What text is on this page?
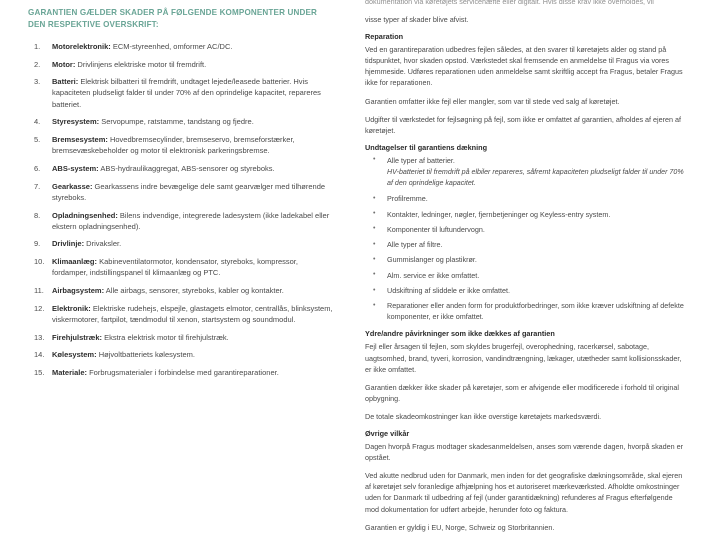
GARANTIEN GÆLDER SKADER PÅ FØLGENDE KOMPONENTER UNDER DEN RESPEKTIVE OVERSKRIFT:
Motorelektronik: ECM-styreenhed, omformer AC/DC.
Motor: Drivlinjens elektriske motor til fremdrift.
Batteri: Elektrisk bilbatteri til fremdrift, undtaget lejede/leasede batterier. Hvis kapaciteten pludseligt falder til under 70% af den oprindelige kapacitet, repareres batteriet.
Styresystem: Servopumpe, ratstamme, tandstang og fjedre.
Bremsesystem: Hovedbremsecylinder, bremseservo, bremseforstærker, bremsevæskebeholder og motor til elektronisk parkeringsbremse.
ABS-system: ABS-hydraulikaggregat, ABS-sensorer og styreboks.
Gearkasse: Gearkassens indre bevægelige dele samt gearvælger med tilhørende styreboks.
Opladningsenhed: Bilens indvendige, integrerede ladesystem (ikke ladekabel eller ekstern opladningsenhed).
Drivlinje: Drivaksler.
Klimaanlæg: Kabineventilatormotor, kondensator, styreboks, kompressor, fordamper, indstillingspanel til klimaanlæg og PTC.
Airbagsystem: Alle airbags, sensorer, styreboks, kabler og kontakter.
Elektronik: Elektriske rudehejs, elspejle, glastagets elmotor, centrallås, blinksystem, viskermotorer, fartpilot, tændmodul til xenon, startsystem og soundmodul.
Firehjulstræk: Ekstra elektrisk motor til firehjulstræk.
Kølesystem: Højvoltbatteriets kølesystem.
Materiale: Forbrugsmaterialer i forbindelse med garantireparationer.
dokumentation via køretøjets servicehæfte eller digitalt. Hvis disse krav ikke overholdes, vil
visse typer af skader blive afvist.
Reparation
Ved en garantireparation udbedres fejlen således, at den svarer til køretøjets alder og stand på tidspunktet, hvor skaden opstod. Værkstedet skal fremsende en anmeldelse til Fragus via vores hjemmeside. Udføres reparationen uden anmeldelse samt skriftlig accept fra Fragus, betaler Fragus ikke for reparationen.
Garantien omfatter ikke fejl eller mangler, som var til stede ved salg af køretøjet.
Udgifter til værkstedet for fejlsøgning på fejl, som ikke er omfattet af garantien, afholdes af ejeren af køretøjet.
Undtagelser til garantiens dækning
• Alle typer af batterier.
HV-batteriet til fremdrift på elbiler repareres, såfremt kapaciteten pludseligt falder til under 70% af den oprindelige kapacitet.
• Profilremme.
• Kontakter, ledninger, nøgler, fjernbetjeninger og Keyless-entry system.
• Komponenter til luftundervogn.
• Alle typer af filtre.
• Gummislanger og plastikrør.
• Alm. service er ikke omfattet.
• Udskiftning af sliddele er ikke omfattet.
• Reparationer eller anden form for produktforbedringer, som ikke kræver udskiftning af defekte komponenter, er ikke omfattet.
Ydre/andre påvirkninger som ikke dækkes af garantien
Fejl eller årsagen til fejlen, som skyldes brugerfejl, overophedning, racerkørsel, sabotage, uagtsomhed, brand, tyveri, korrosion, vandindtrængning, lækager, utætheder samt kollisionsskader, er ikke omfattet.
Garantien dækker ikke skader på køretøjer, som er afvigende eller modificerede i forhold til original opbygning.
De totale skadeomkostninger kan ikke overstige køretøjets markedsværdi.
Øvrige vilkår
Dagen hvorpå Fragus modtager skadesanmeldelsen, anses som værende dagen, hvorpå skaden er opstået.
Ved akutte nedbrud uden for Danmark, men inden for det geografiske dækningsområde, skal ejeren af køretøjet selv foranledige afhjælpning hos et autoriseret mærkeværksted. Afholdte omkostninger uden for Danmark til udbedring af fejl (under garantidækning) refunderes af Fragus efterfølgende mod dokumentation for udført arbejde, herunder foto og faktura.
Garantien er gyldig i EU, Norge, Schweiz og Storbritannien.
